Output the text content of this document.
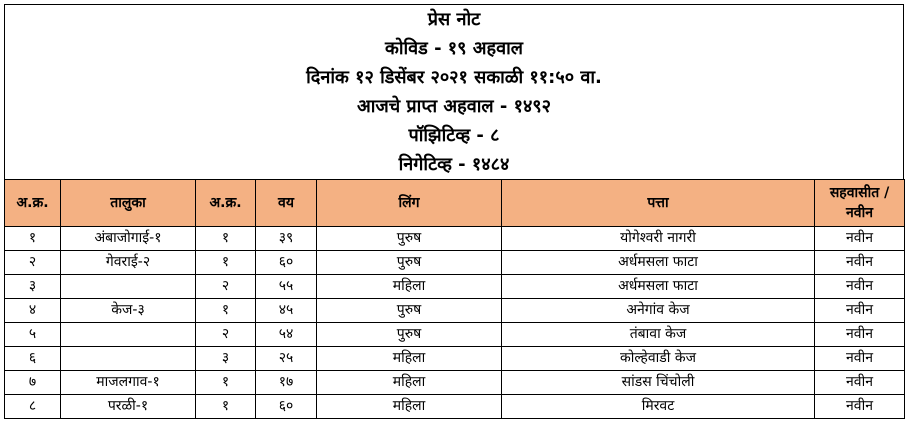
प्रेस नोट
कोविड - १९ अहवाल
दिनांक १२ डिसेंबर २०२१ सकाळी ११:५० वा.
आजचे प्राप्त अहवाल - १४९२
पॉझिटिव्ह - ८
निगेटिव्ह - १४८४
अ.क्र.	तालुका	अ.क्र.	वय	लिंग	पत्ता	सहवासीत / नवीन
१	अंबाजोगाई-१	१	३९	पुरुष	योगेश्वरी नागरी	नवीन
२	गेवराई-२	१	६०	पुरुष	अर्धमसला फाटा	नवीन
३		२	५५	महिला	अर्धमसला फाटा	नवीन
४	केज-३	१	४५	पुरुष	अनेगांव केज	नवीन
५		२	५४	पुरुष	तंबावा केज	नवीन
६		३	२५	महिला	कोल्हेवाडी केज	नवीन
७	माजलगाव-१	१	१७	महिला	सांडस चिंचोली	नवीन
८	परळी-१	१	६०	महिला	मिरवट	नवीन
